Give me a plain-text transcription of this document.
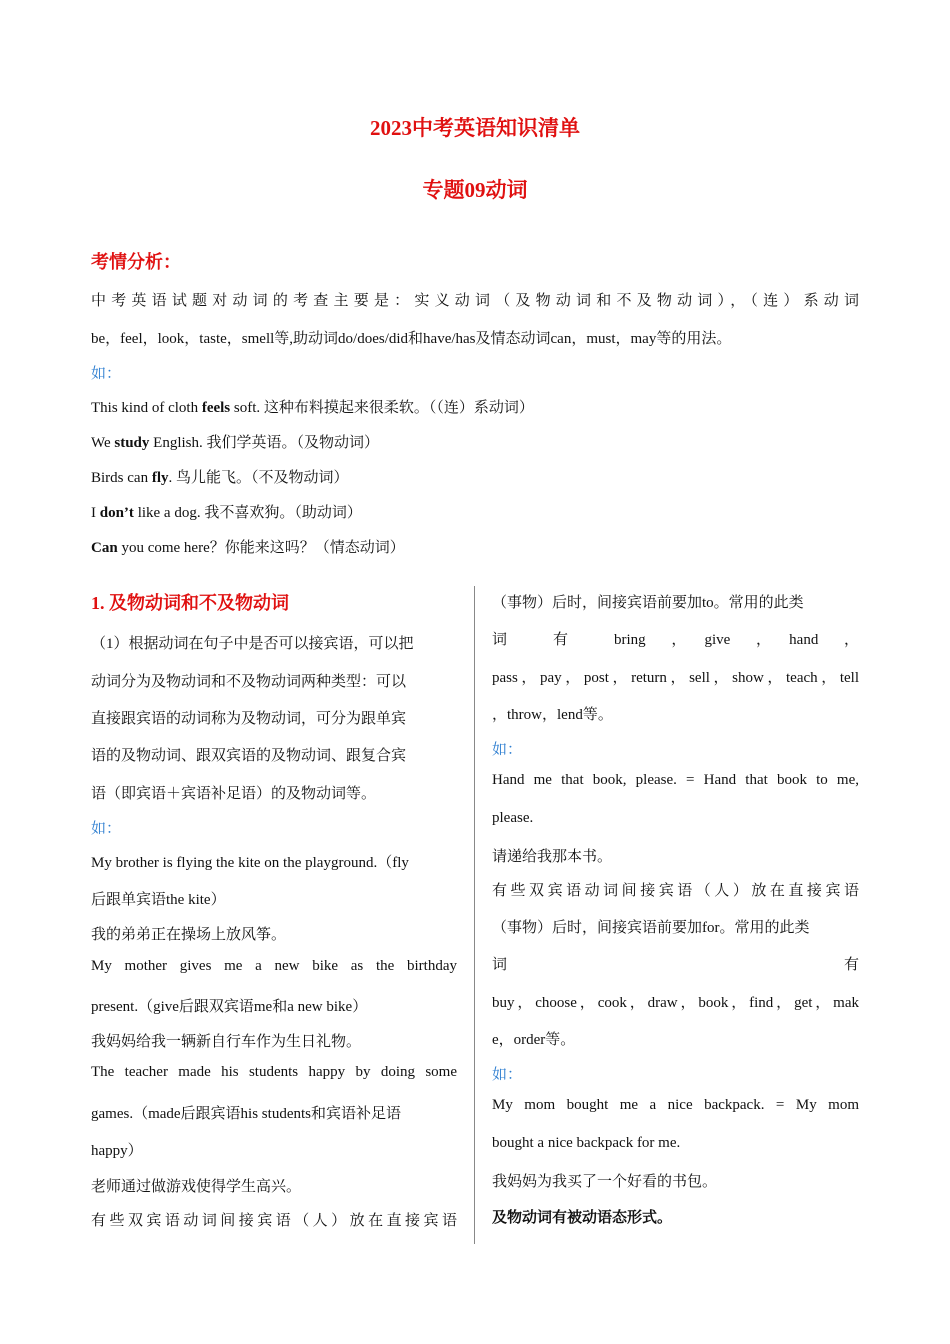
2023中考英语知识清单
专题09动词
考情分析：
中考英语试题对动词的考查主要是：实义动词（及物动词和不及物动词），（连）系动词
be，feel，look，taste，smell等,助动词do/does/did和have/has及情态动词can，must，may等的用法。
如：
This kind of cloth feels soft. 这种布料摸起来很柔软。（（连）系动词）
We study English. 我们学英语。（及物动词）
Birds can fly. 鸟儿能飞。（不及物动词）
I don’t like a dog. 我不喜欢狗。（助动词）
Can you come here？你能来这吗？（情态动词）
1. 及物动词和不及物动词
（1）根据动词在句子中是否可以接宾语，可以把
动词分为及物动词和不及物动词两种类型：可以
直接跟宾语的动词称为及物动词，可分为跟单宾
语的及物动词、跟双宾语的及物动词、跟复合宾
语（即宾语＋宾语补足语）的及物动词等。
如：
My brother is flying the kite on the playground.（fly
后跟单宾语the kite）
我的弟弟正在操场上放风筝。
My mother gives me a new bike as the birthday
present.（give后跟双宾语me和a new bike）
我妈妈给我一辆新自行车作为生日礼物。
The teacher made his students happy by doing some
games.（made后跟宾语his students和宾语补足语
happy）
老师通过做游戏使得学生高兴。
有些双宾语动词间接宾语（人）放在直接宾语
（事物）后时，间接宾语前要加to。常用的此类
词　　有　　bring　，　give　，　hand　，
pass，pay，post，return，sell，show，teach，tell
，throw，lend等。
如：
Hand me that book, please. = Hand that book to me,
please.
请递给我那本书。
有些双宾语动词间接宾语（人）放在直接宾语
（事物）后时，间接宾语前要加for。常用的此类
词　　　　　　　　　　　　　　　　　　有
buy，choose，cook，draw，book，find，get，mak
e，order等。
如：
My mom bought me a nice backpack. = My mom
bought a nice backpack for me.
我妈妈为我买了一个好看的书包。
及物动词有被动语态形式。
